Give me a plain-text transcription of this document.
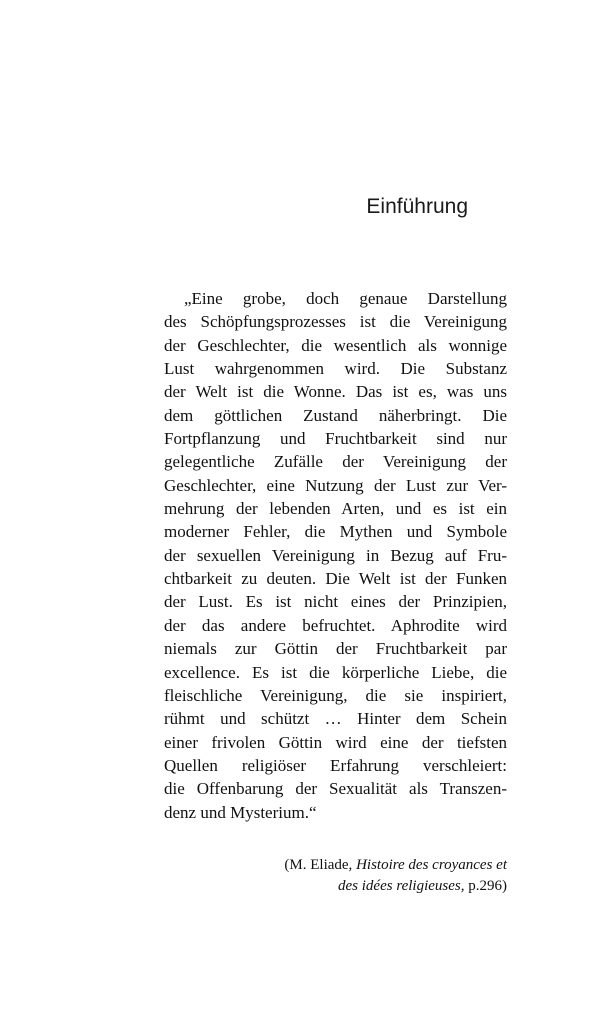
Einführung
„Eine grobe, doch genaue Darstellung
des Schöpfungsprozesses ist die Vereinigung
der Geschlechter, die wesentlich als wonnige
Lust wahrgenommen wird. Die Substanz
der Welt ist die Wonne. Das ist es, was uns
dem göttlichen Zustand näherbringt. Die
Fortpflanzung und Fruchtbarkeit sind nur
gelegentliche Zufälle der Vereinigung der
Geschlechter, eine Nutzung der Lust zur Ver-
mehrung der lebenden Arten, und es ist ein
moderner Fehler, die Mythen und Symbole
der sexuellen Vereinigung in Bezug auf Fru-
chtbarkeit zu deuten. Die Welt ist der Funken
der Lust. Es ist nicht eines der Prinzipien,
der das andere befruchtet. Aphrodite wird
niemals zur Göttin der Fruchtbarkeit par
excellence. Es ist die körperliche Liebe, die
fleischliche Vereinigung, die sie inspiriert,
rühmt und schützt … Hinter dem Schein
einer frivolen Göttin wird eine der tiefsten
Quellen religiöser Erfahrung verschleiert:
die Offenbarung der Sexualität als Transzen-
denz und Mysterium.“
(M. Eliade, Histoire des croyances et
des idées religieuses, p.296)
